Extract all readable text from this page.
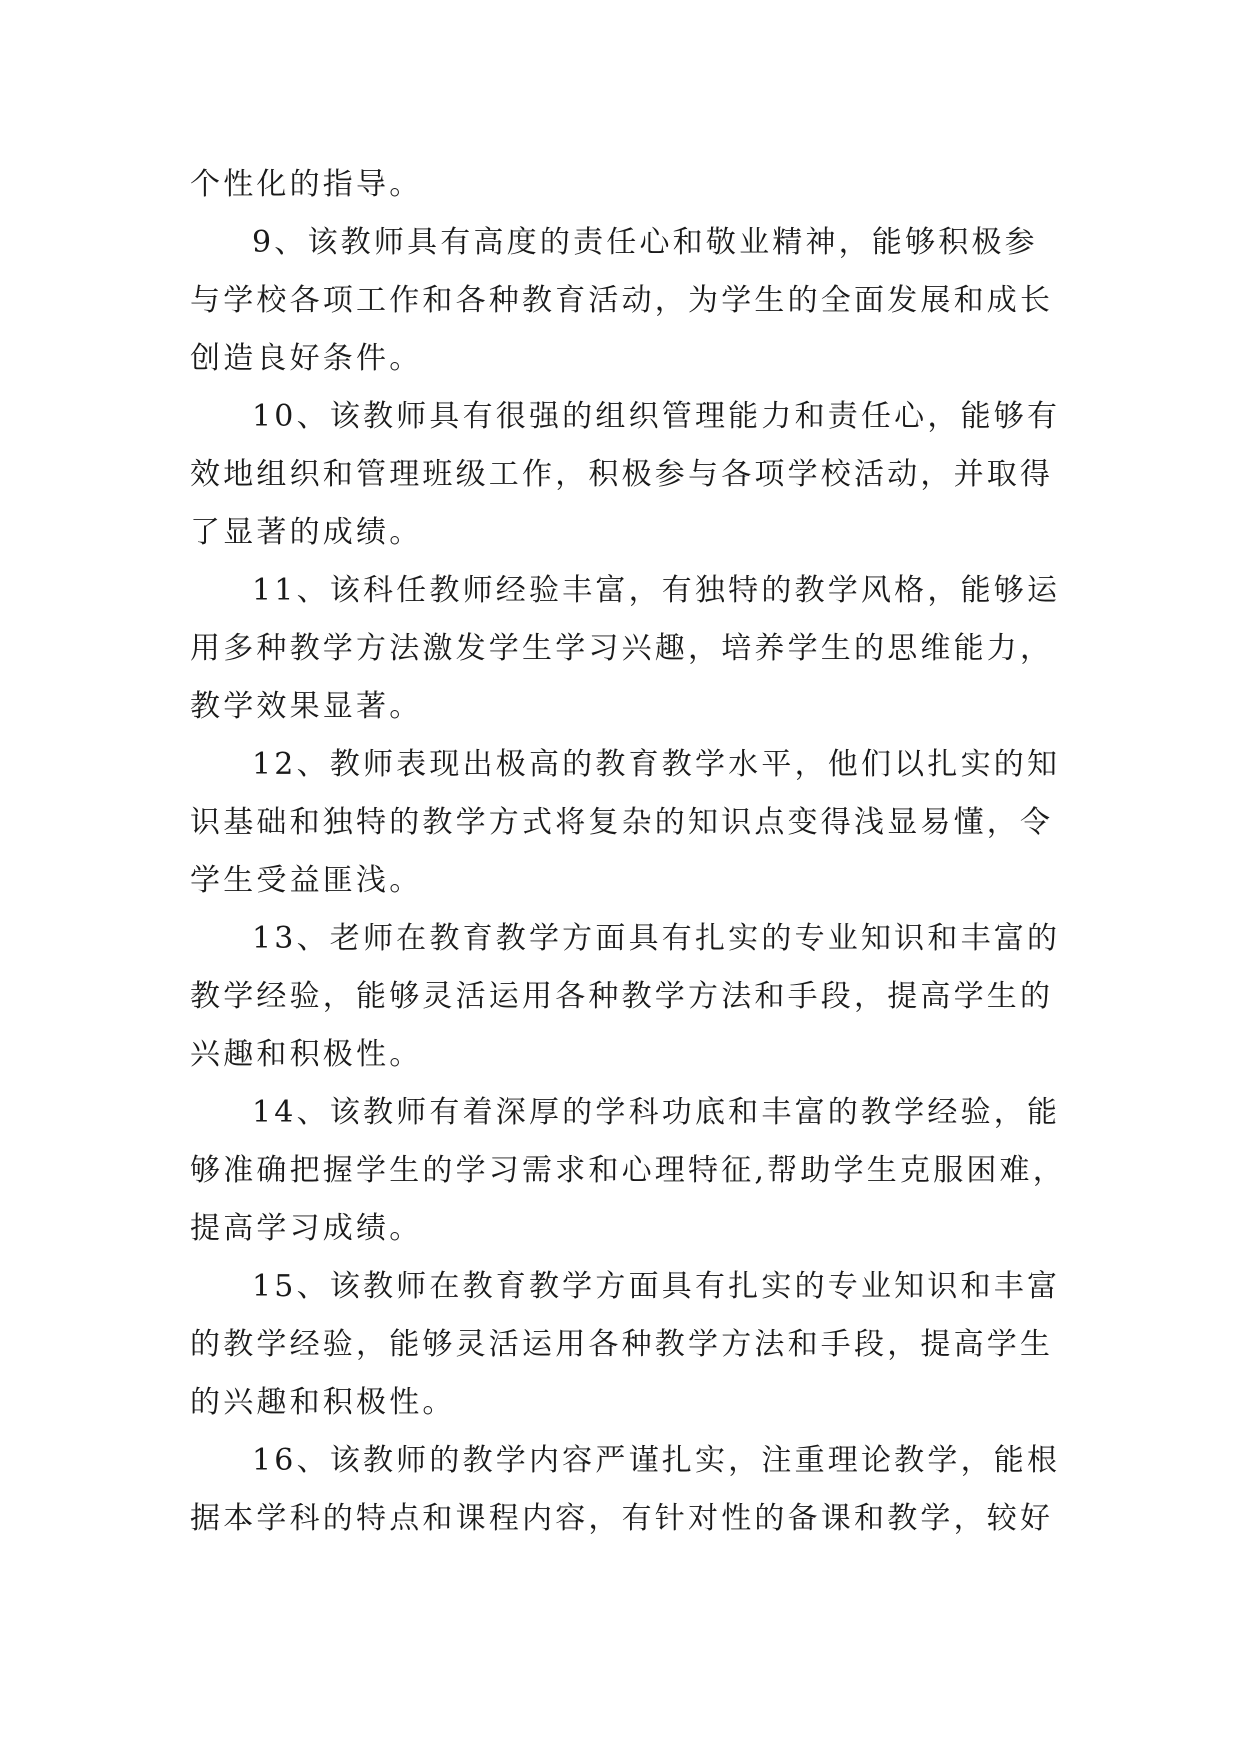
个性化的指导。

9、该教师具有高度的责任心和敬业精神，能够积极参
与学校各项工作和各种教育活动，为学生的全面发展和成长
创造良好条件。

10、该教师具有很强的组织管理能力和责任心，能够有
效地组织和管理班级工作，积极参与各项学校活动，并取得
了显著的成绩。

11、该科任教师经验丰富，有独特的教学风格，能够运
用多种教学方法激发学生学习兴趣，培养学生的思维能力，
教学效果显著。

12、教师表现出极高的教育教学水平，他们以扎实的知
识基础和独特的教学方式将复杂的知识点变得浅显易懂，令
学生受益匪浅。

13、老师在教育教学方面具有扎实的专业知识和丰富的
教学经验，能够灵活运用各种教学方法和手段，提高学生的
兴趣和积极性。

14、该教师有着深厚的学科功底和丰富的教学经验，能
够准确把握学生的学习需求和心理特征,帮助学生克服困难，
提高学习成绩。

15、该教师在教育教学方面具有扎实的专业知识和丰富
的教学经验，能够灵活运用各种教学方法和手段，提高学生
的兴趣和积极性。

16、该教师的教学内容严谨扎实，注重理论教学，能根
据本学科的特点和课程内容，有针对性的备课和教学，较好
